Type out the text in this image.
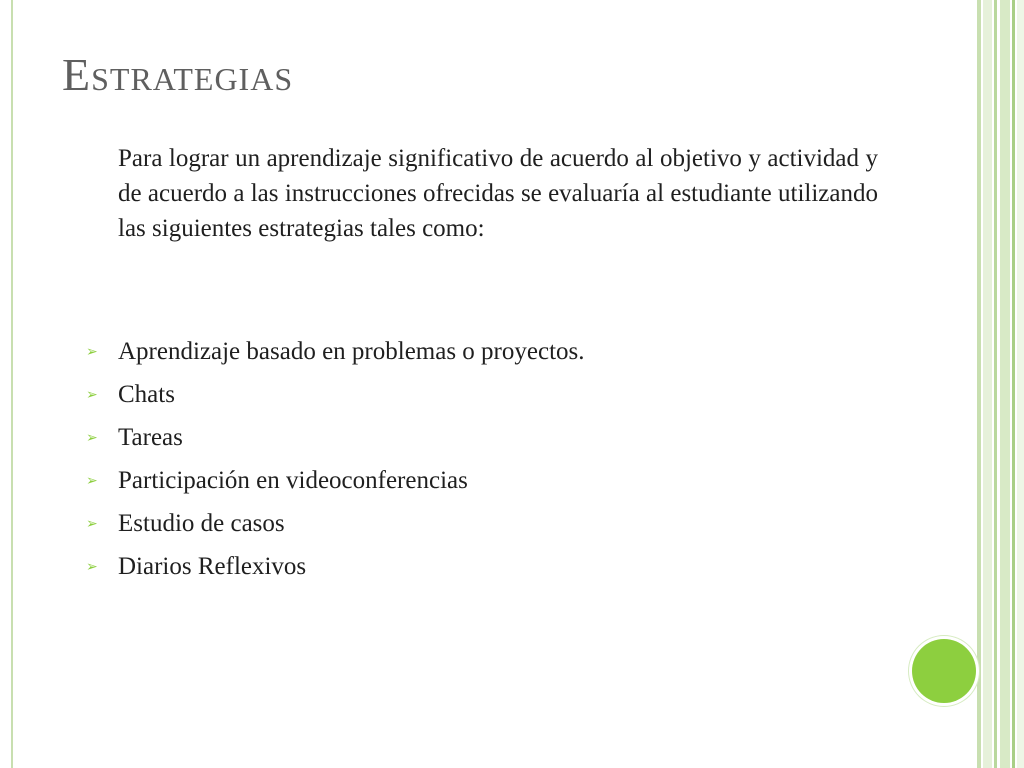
Estrategias
Para lograr un aprendizaje significativo de acuerdo al objetivo y actividad y de acuerdo a las instrucciones ofrecidas se evaluaría al estudiante utilizando las siguientes estrategias tales como:
➢ Aprendizaje basado en problemas o proyectos.
➢ Chats
➢ Tareas
➢ Participación en videoconferencias
➢ Estudio de casos
➢ Diarios Reflexivos
